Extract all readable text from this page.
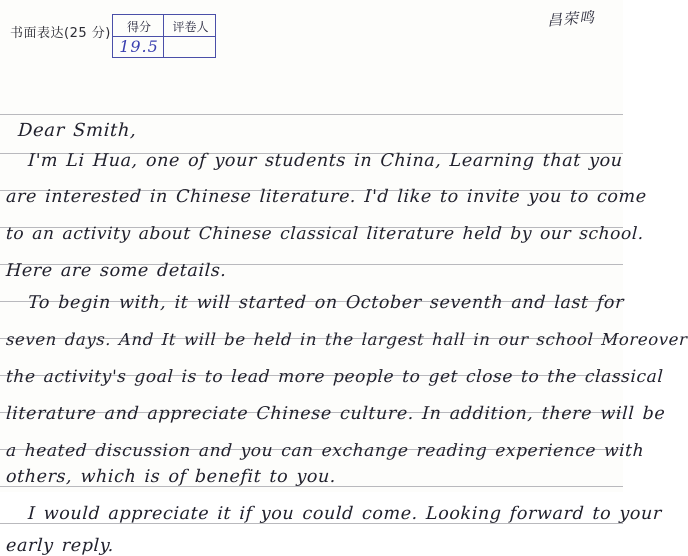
书面表达(25 分)	得分	评卷人
19.5
昌荣鸣
Dear Smith,
I'm Li Hua, one of your students in China, Learning that you
are interested in Chinese literature. I'd like to invite you to come
to an activity about Chinese classical literature held by our school.
Here are some details.
To begin with, it will started on October seventh and last for
seven days. And It will be held in the largest hall in our school Moreover
the activity's goal is to lead more people to get close to the classical
literature and appreciate Chinese culture. In addition, there will be
a heated discussion and you can exchange reading experience with
others, which is of benefit to you.
I would appreciate it if you could come. Looking forward to your
early reply.
